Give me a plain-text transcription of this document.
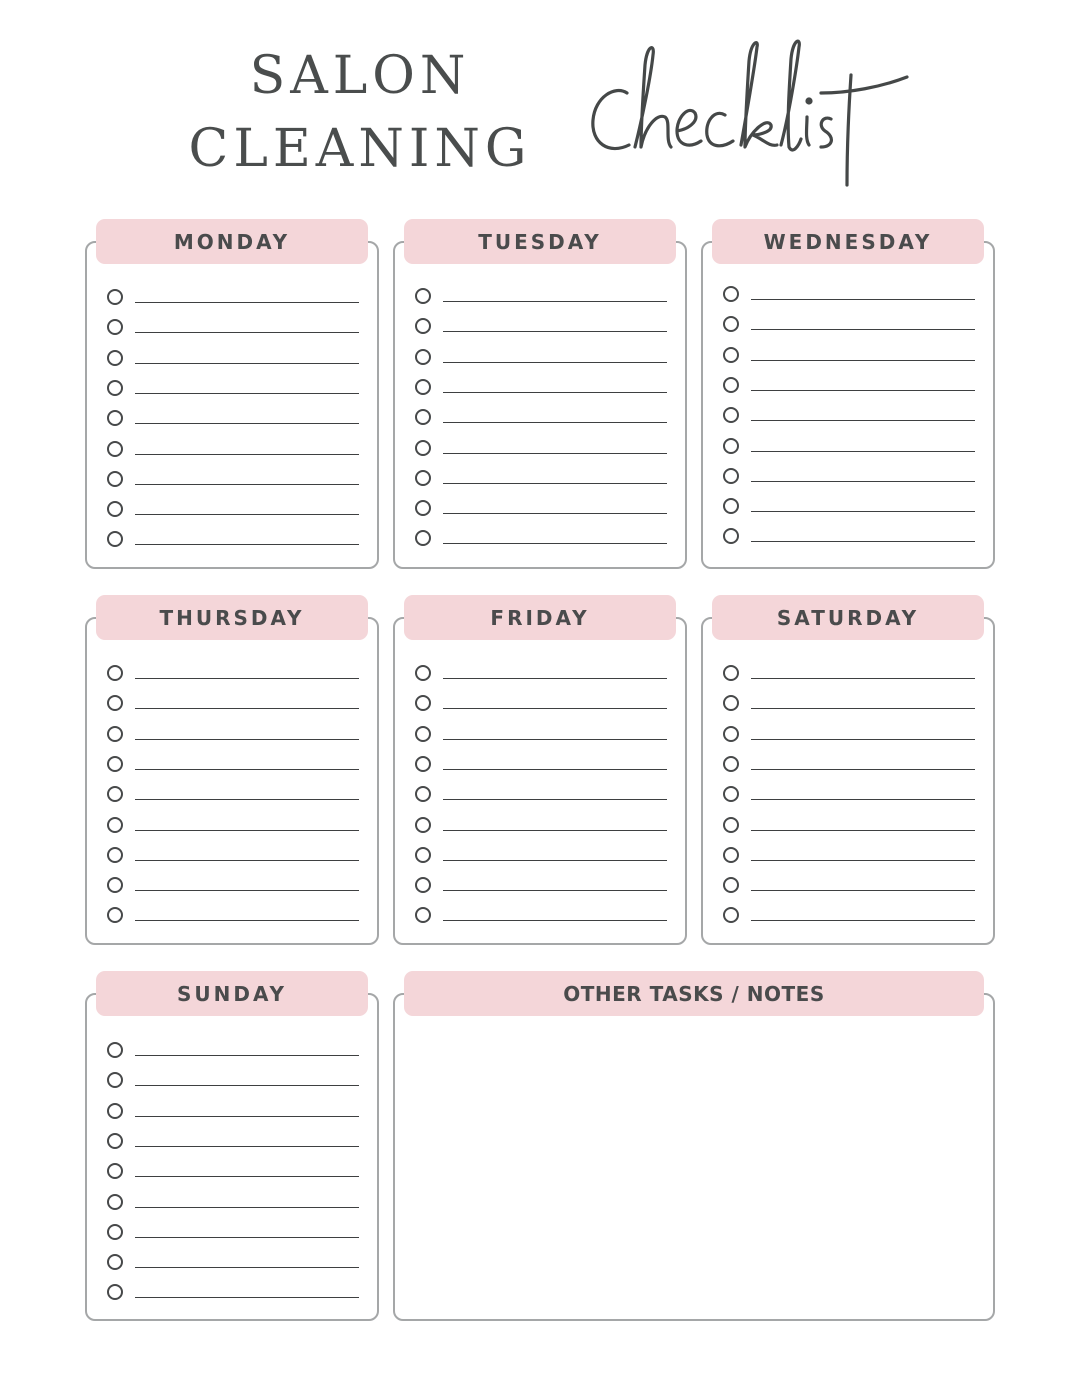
SALON
CLEANING
MONDAY	TUESDAY	WEDNESDAY
THURSDAY	FRIDAY	SATURDAY
SUNDAY	OTHER TASKS / NOTES
